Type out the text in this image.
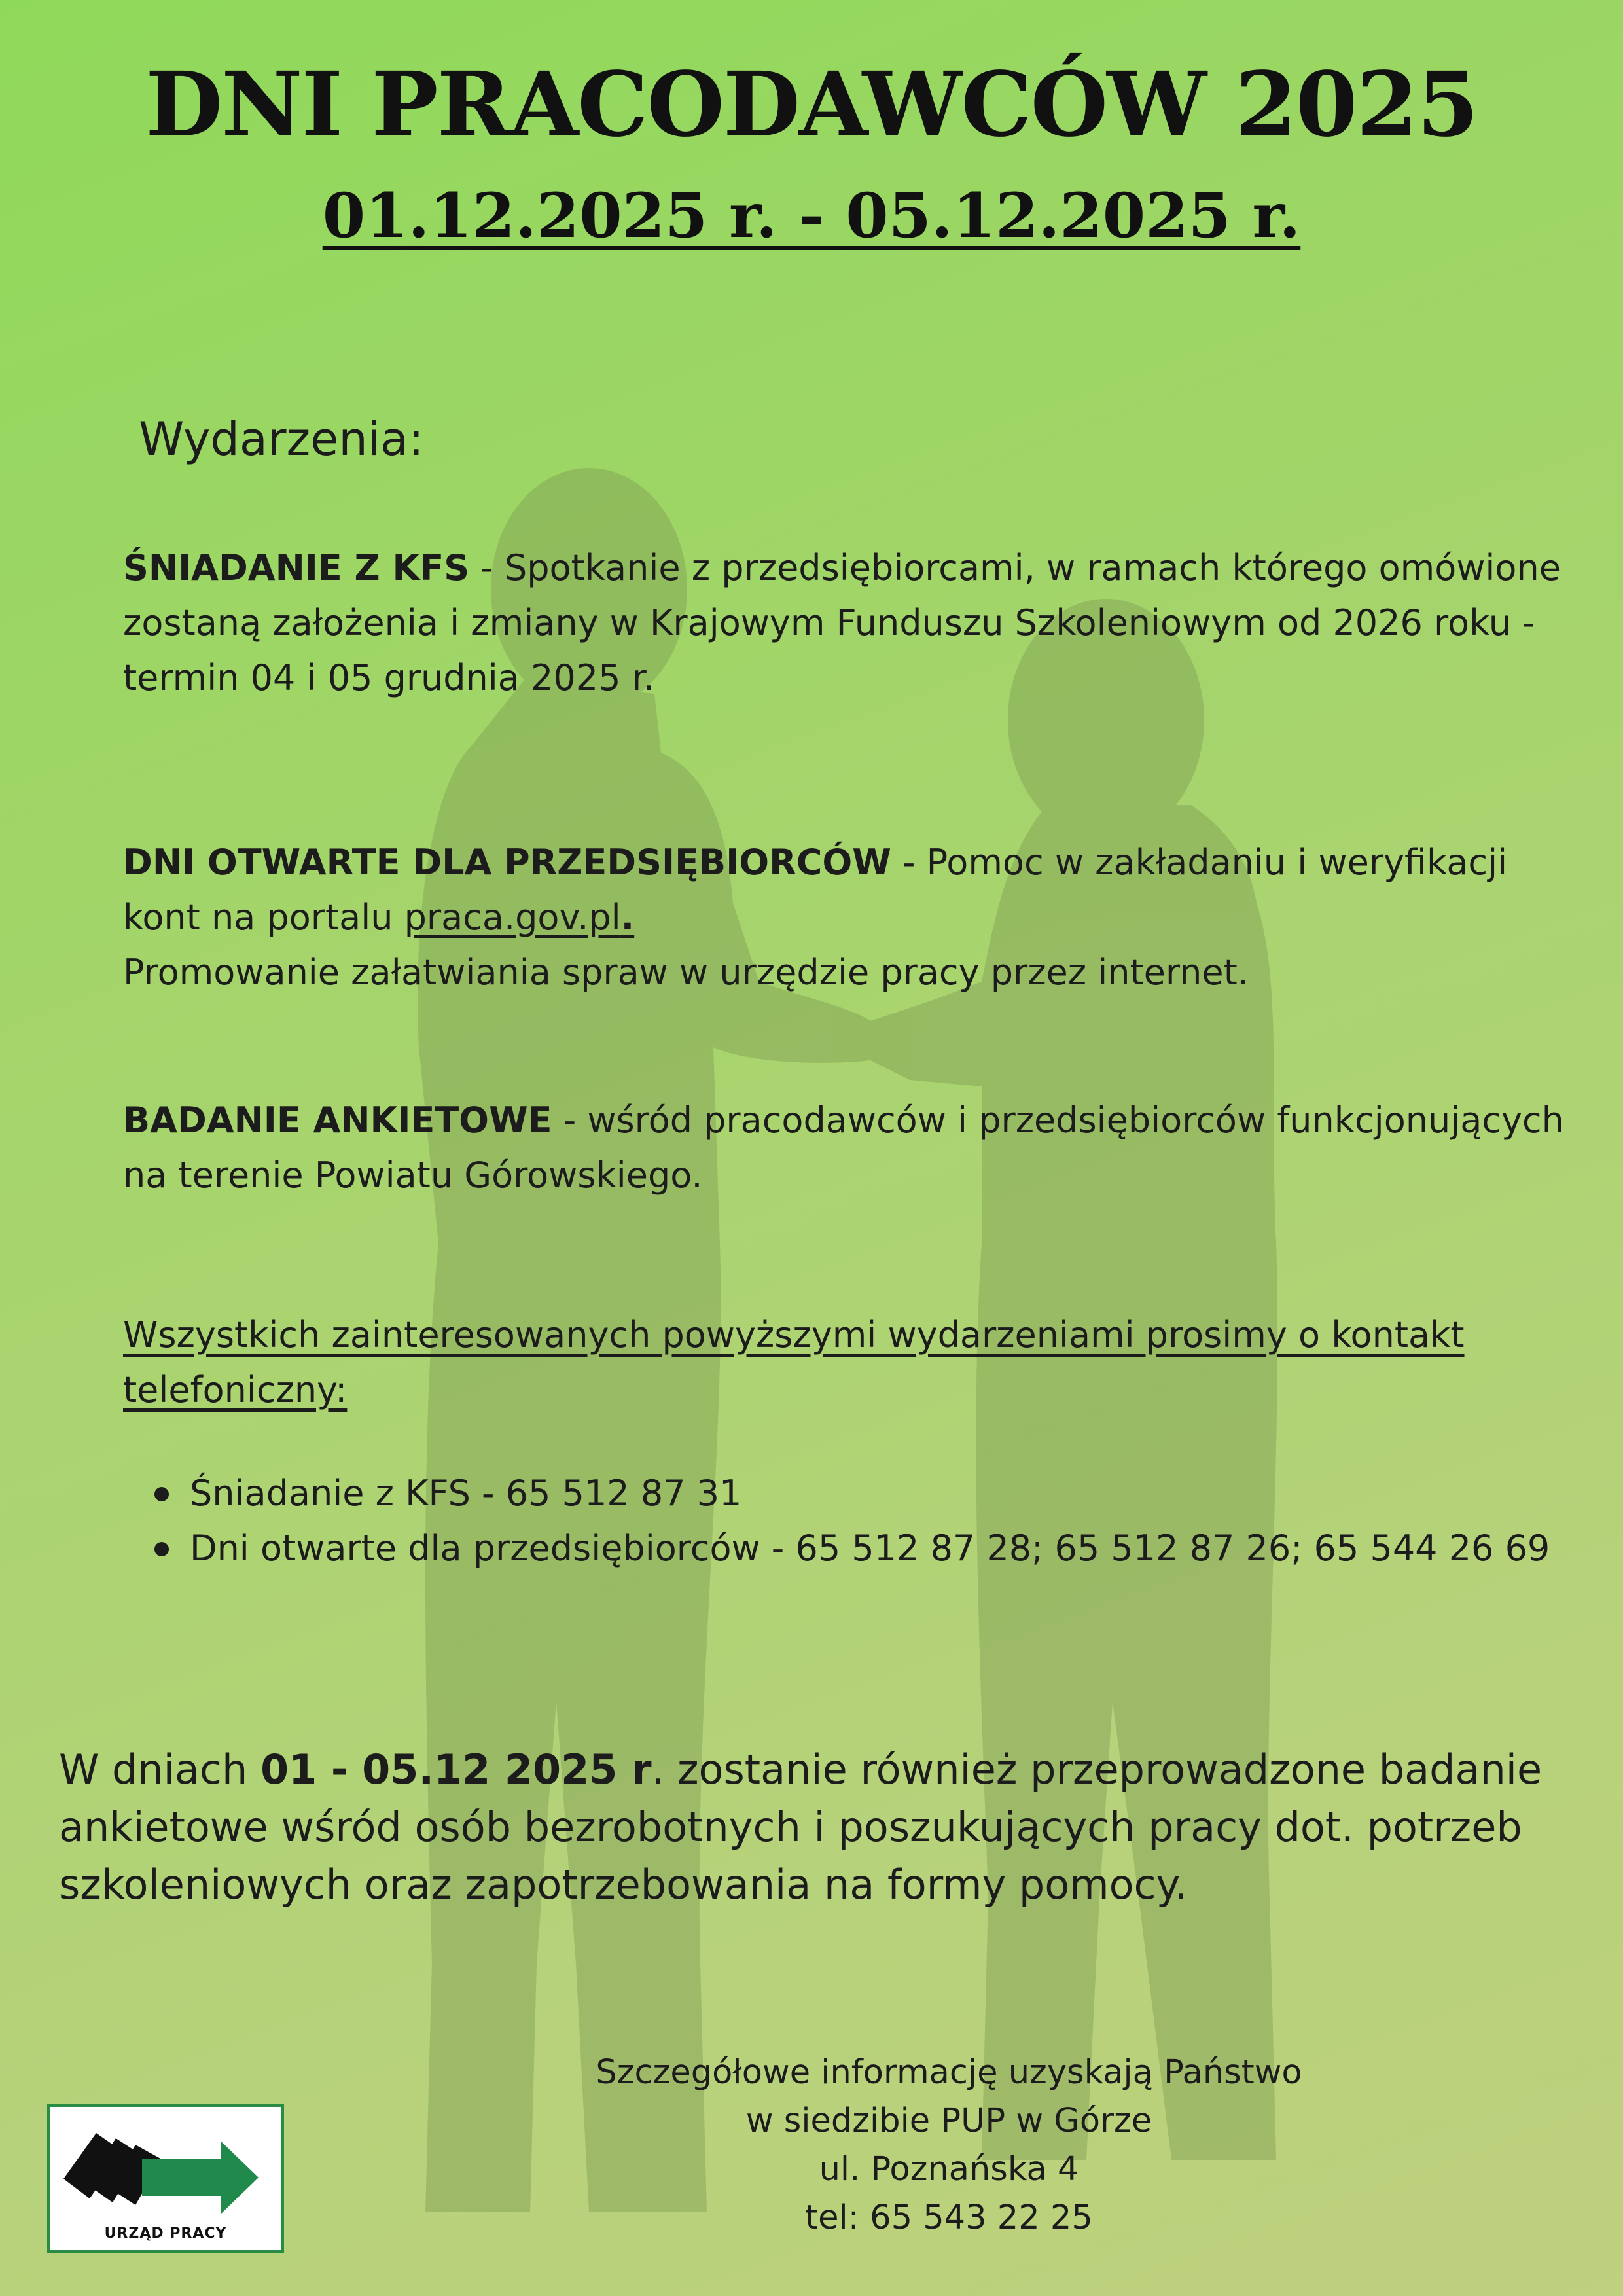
DNI PRACODAWCÓW 2025

01.12.2025 r. - 05.12.2025 r.

Wydarzenia:

ŚNIADANIE Z KFS - Spotkanie z przedsiębiorcami, w ramach którego omówione zostaną założenia i zmiany w Krajowym Funduszu Szkoleniowym od 2026 roku - termin 04 i 05 grudnia 2025 r.

DNI OTWARTE DLA PRZEDSIĘBIORCÓW - Pomoc w zakładaniu i weryfikacji kont na portalu praca.gov.pl.
Promowanie załatwiania spraw w urzędzie pracy przez internet.

BADANIE ANKIETOWE - wśród pracodawców i przedsiębiorców funkcjonujących na terenie Powiatu Górowskiego.

Wszystkich zainteresowanych powyższymi wydarzeniami prosimy o kontakt telefoniczny:

Śniadanie z KFS - 65 512 87 31
Dni otwarte dla przedsiębiorców - 65 512 87 28; 65 512 87 26; 65 544 26 69

W dniach 01 - 05.12 2025 r. zostanie również przeprowadzone badanie ankietowe wśród osób bezrobotnych i poszukujących pracy dot. potrzeb szkoleniowych oraz zapotrzebowania na formy pomocy.

Szczegółowe informację uzyskają Państwo
w siedzibie PUP w Górze
ul. Poznańska 4
tel: 65 543 22 25
URZĄD PRACY
